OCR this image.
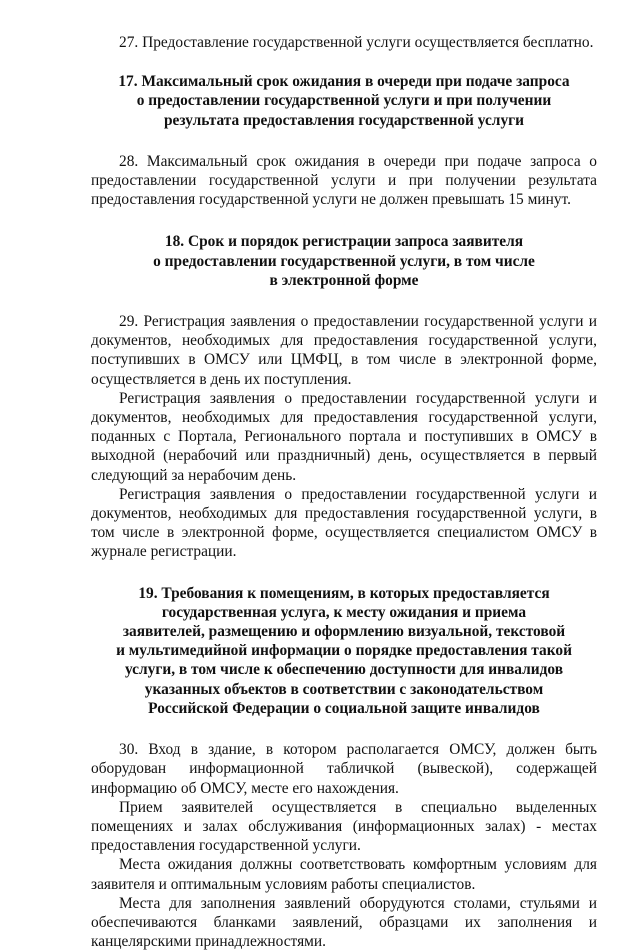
27. Предоставление государственной услуги осуществляется бесплатно.

17. Максимальный срок ожидания в очереди при подаче запроса
о предоставлении государственной услуги и при получении
результата предоставления государственной услуги

28. Максимальный срок ожидания в очереди при подаче запроса о предоставлении государственной услуги и при получении результата предоставления государственной услуги не должен превышать 15 минут.

18. Срок и порядок регистрации запроса заявителя
о предоставлении государственной услуги, в том числе
в электронной форме

29. Регистрация заявления о предоставлении государственной услуги и документов, необходимых для предоставления государственной услуги, поступивших в ОМСУ или ЦМФЦ, в том числе в электронной форме, осуществляется в день их поступления.

Регистрация заявления о предоставлении государственной услуги и документов, необходимых для предоставления государственной услуги, поданных с Портала, Регионального портала и поступивших в ОМСУ в выходной (нерабочий или праздничный) день, осуществляется в первый следующий за нерабочим день.

Регистрация заявления о предоставлении государственной услуги и документов, необходимых для предоставления государственной услуги, в том числе в электронной форме, осуществляется специалистом ОМСУ в журнале регистрации.

19. Требования к помещениям, в которых предоставляется
государственная услуга, к месту ожидания и приема
заявителей, размещению и оформлению визуальной, текстовой
и мультимедийной информации о порядке предоставления такой
услуги, в том числе к обеспечению доступности для инвалидов
указанных объектов в соответствии с законодательством
Российской Федерации о социальной защите инвалидов

30. Вход в здание, в котором располагается ОМСУ, должен быть оборудован информационной табличкой (вывеской), содержащей информацию об ОМСУ, месте его нахождения.

Прием заявителей осуществляется в специально выделенных помещениях и залах обслуживания (информационных залах) - местах предоставления государственной услуги.

Места ожидания должны соответствовать комфортным условиям для заявителя и оптимальным условиям работы специалистов.

Места для заполнения заявлений оборудуются столами, стульями и обеспечиваются бланками заявлений, образцами их заполнения и канцелярскими принадлежностями.
